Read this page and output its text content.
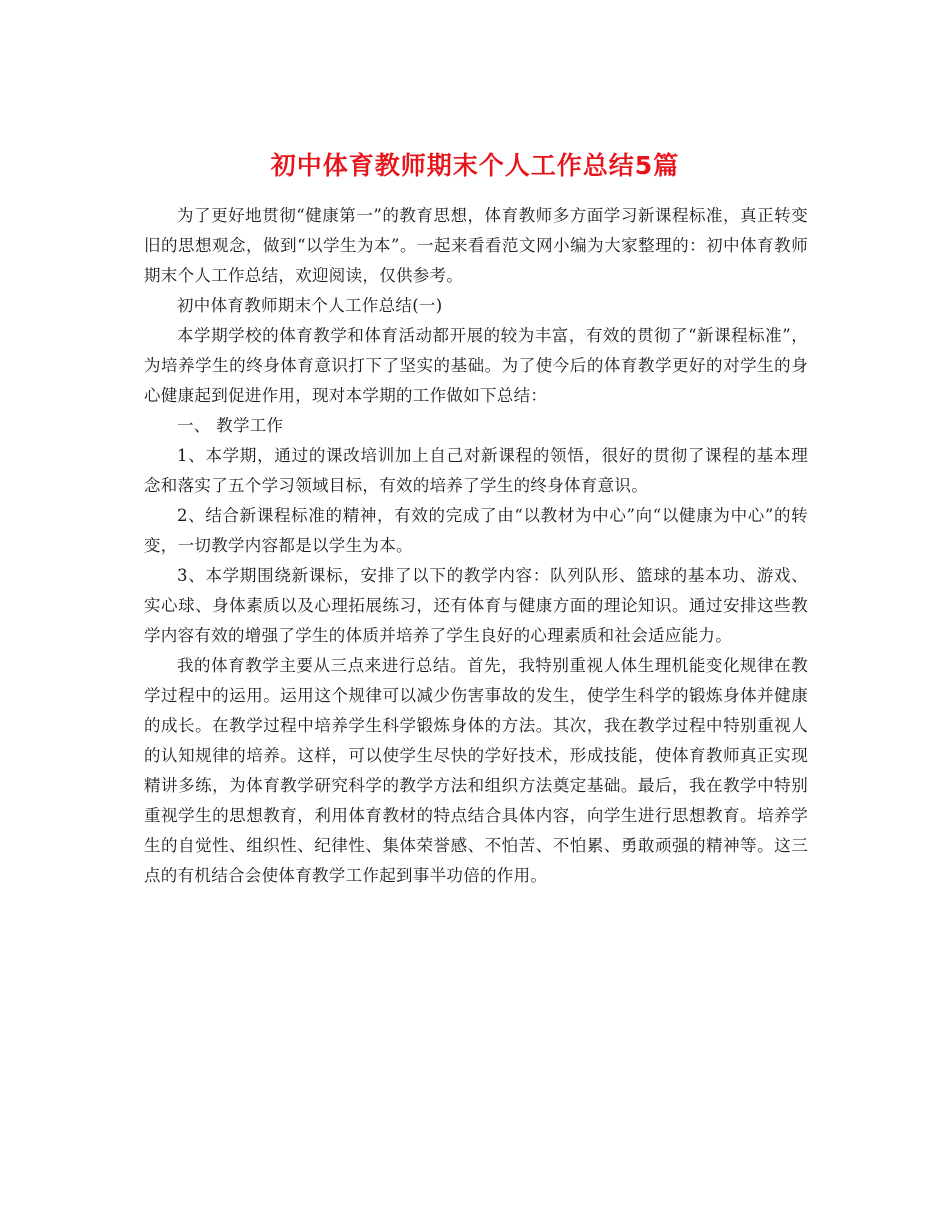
初中体育教师期末个人工作总结5篇

为了更好地贯彻“健康第一”的教育思想，体育教师多方面学习新课程标准，真正转变旧的思想观念，做到“以学生为本”。一起来看看范文网小编为大家整理的：初中体育教师期末个人工作总结，欢迎阅读，仅供参考。

初中体育教师期末个人工作总结(一)

本学期学校的体育教学和体育活动都开展的较为丰富，有效的贯彻了“新课程标准”，为培养学生的终身体育意识打下了坚实的基础。为了使今后的体育教学更好的对学生的身心健康起到促进作用，现对本学期的工作做如下总结：

一、 教学工作

1、本学期，通过的课改培训加上自己对新课程的领悟，很好的贯彻了课程的基本理念和落实了五个学习领域目标，有效的培养了学生的终身体育意识。

2、结合新课程标准的精神，有效的完成了由“以教材为中心”向“以健康为中心”的转变，一切教学内容都是以学生为本。

3、本学期围绕新课标，安排了以下的教学内容：队列队形、篮球的基本功、游戏、实心球、身体素质以及心理拓展练习，还有体育与健康方面的理论知识。通过安排这些教学内容有效的增强了学生的体质并培养了学生良好的心理素质和社会适应能力。

我的体育教学主要从三点来进行总结。首先，我特别重视人体生理机能变化规律在教学过程中的运用。运用这个规律可以减少伤害事故的发生，使学生科学的锻炼身体并健康的成长。在教学过程中培养学生科学锻炼身体的方法。其次，我在教学过程中特别重视人的认知规律的培养。这样，可以使学生尽快的学好技术，形成技能，使体育教师真正实现精讲多练，为体育教学研究科学的教学方法和组织方法奠定基础。最后，我在教学中特别重视学生的思想教育，利用体育教材的特点结合具体内容，向学生进行思想教育。培养学生的自觉性、组织性、纪律性、集体荣誉感、不怕苦、不怕累、勇敢顽强的精神等。这三点的有机结合会使体育教学工作起到事半功倍的作用。
